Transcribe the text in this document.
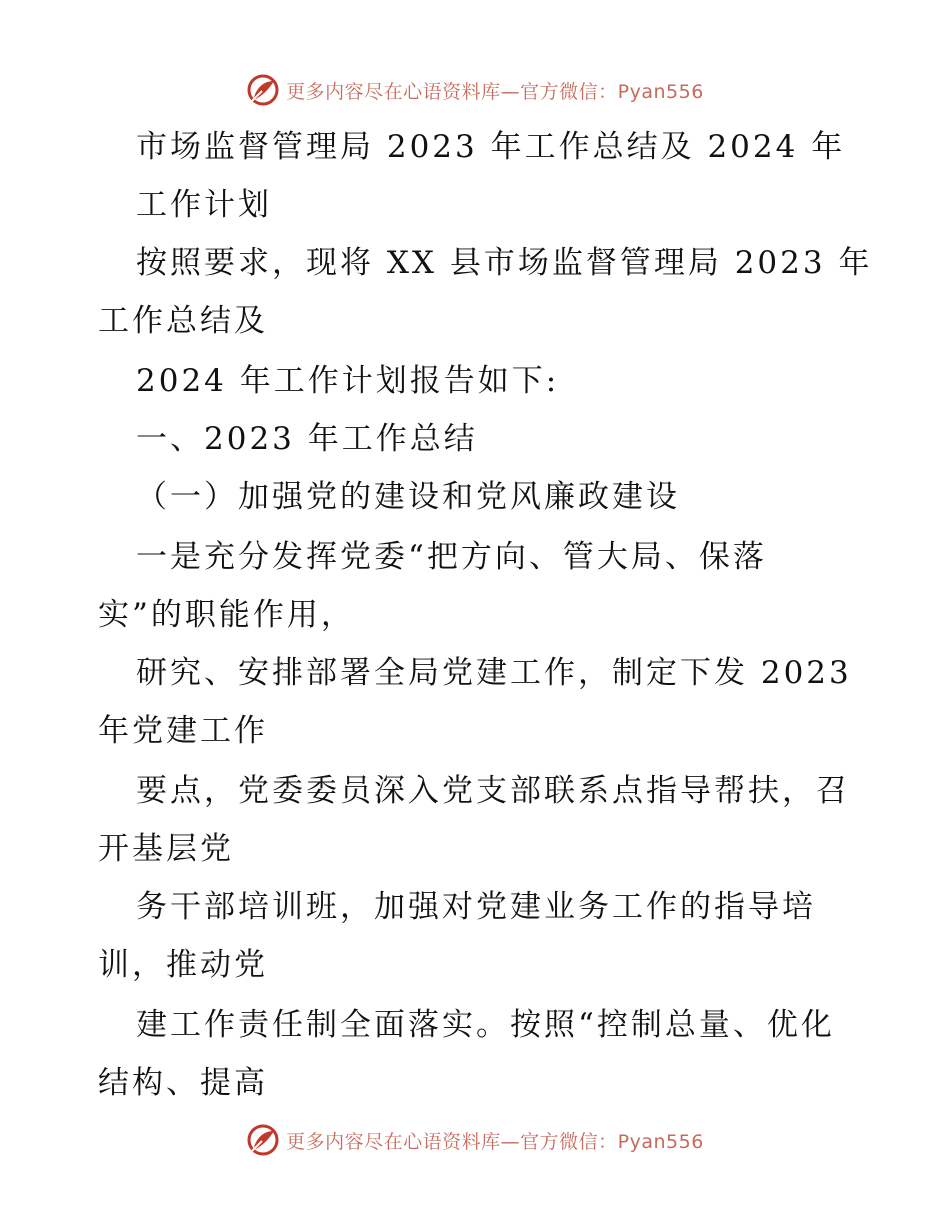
更多内容尽在心语资料库—官方微信：Pyan556
市场监督管理局 2023 年工作总结及 2024 年
工作计划
按照要求，现将 XX 县市场监督管理局 2023 年
工作总结及
2024 年工作计划报告如下:
一、2023 年工作总结
（一）加强党的建设和党风廉政建设
一是充分发挥党委“把方向、管大局、保落
实”的职能作用，
研究、安排部署全局党建工作，制定下发 2023
年党建工作
要点，党委委员深入党支部联系点指导帮扶，召
开基层党
务干部培训班，加强对党建业务工作的指导培
训，推动党
建工作责任制全面落实。按照“控制总量、优化
结构、提高
更多内容尽在心语资料库—官方微信：Pyan556
